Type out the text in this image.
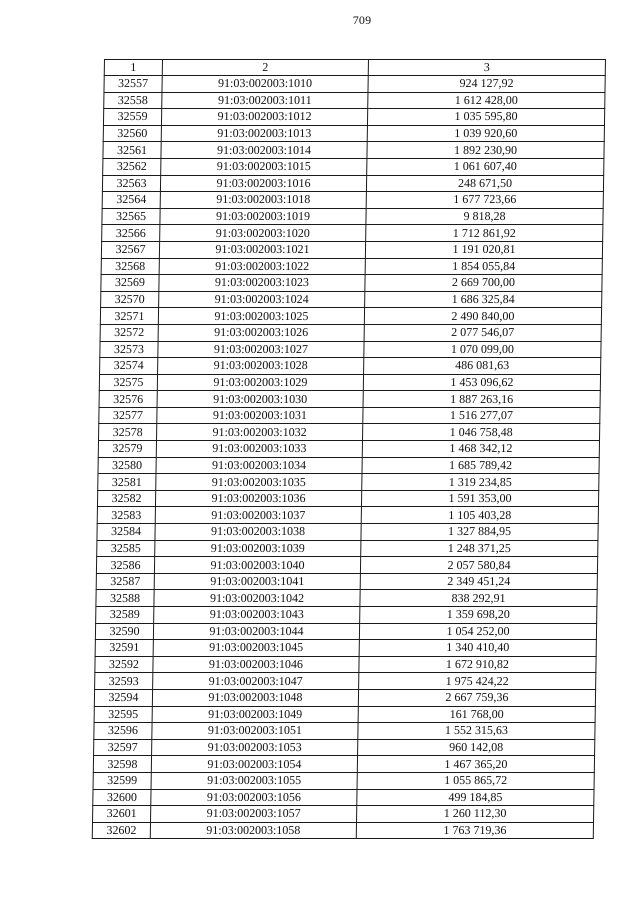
709
1	2	3
32557	91:03:002003:1010	924 127,92
32558	91:03:002003:1011	1 612 428,00
32559	91:03:002003:1012	1 035 595,80
32560	91:03:002003:1013	1 039 920,60
32561	91:03:002003:1014	1 892 230,90
32562	91:03:002003:1015	1 061 607,40
32563	91:03:002003:1016	248 671,50
32564	91:03:002003:1018	1 677 723,66
32565	91:03:002003:1019	9 818,28
32566	91:03:002003:1020	1 712 861,92
32567	91:03:002003:1021	1 191 020,81
32568	91:03:002003:1022	1 854 055,84
32569	91:03:002003:1023	2 669 700,00
32570	91:03:002003:1024	1 686 325,84
32571	91:03:002003:1025	2 490 840,00
32572	91:03:002003:1026	2 077 546,07
32573	91:03:002003:1027	1 070 099,00
32574	91:03:002003:1028	486 081,63
32575	91:03:002003:1029	1 453 096,62
32576	91:03:002003:1030	1 887 263,16
32577	91:03:002003:1031	1 516 277,07
32578	91:03:002003:1032	1 046 758,48
32579	91:03:002003:1033	1 468 342,12
32580	91:03:002003:1034	1 685 789,42
32581	91:03:002003:1035	1 319 234,85
32582	91:03:002003:1036	1 591 353,00
32583	91:03:002003:1037	1 105 403,28
32584	91:03:002003:1038	1 327 884,95
32585	91:03:002003:1039	1 248 371,25
32586	91:03:002003:1040	2 057 580,84
32587	91:03:002003:1041	2 349 451,24
32588	91:03:002003:1042	838 292,91
32589	91:03:002003:1043	1 359 698,20
32590	91:03:002003:1044	1 054 252,00
32591	91:03:002003:1045	1 340 410,40
32592	91:03:002003:1046	1 672 910,82
32593	91:03:002003:1047	1 975 424,22
32594	91:03:002003:1048	2 667 759,36
32595	91:03:002003:1049	161 768,00
32596	91:03:002003:1051	1 552 315,63
32597	91:03:002003:1053	960 142,08
32598	91:03:002003:1054	1 467 365,20
32599	91:03:002003:1055	1 055 865,72
32600	91:03:002003:1056	499 184,85
32601	91:03:002003:1057	1 260 112,30
32602	91:03:002003:1058	1 763 719,36
